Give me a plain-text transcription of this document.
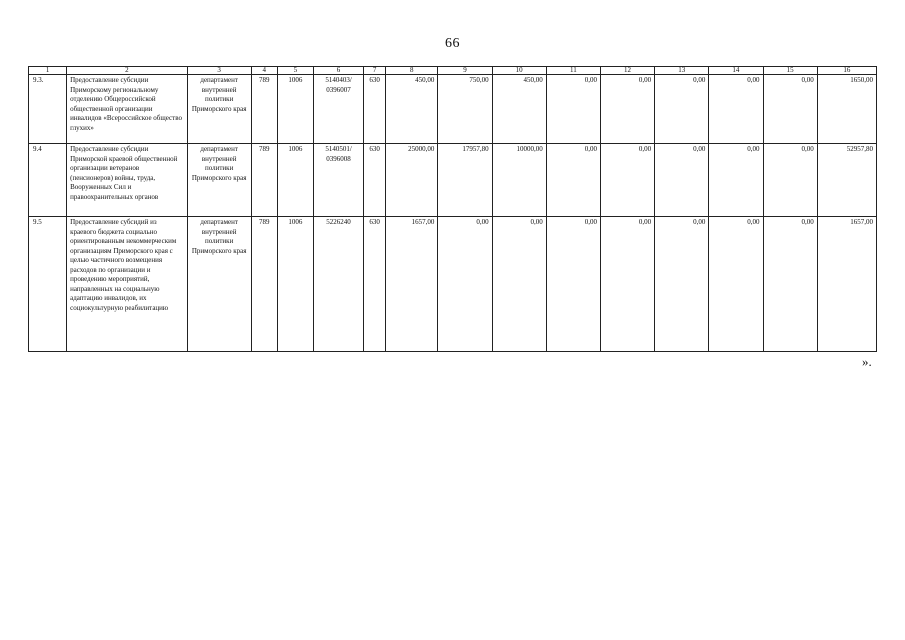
66
1	2	3	4	5	6	7	8	9	10	11	12	13	14	15	16
9.3.	Предоставление субсидии Приморскому региональному отделению Общероссийской общественной организации инвалидов «Всероссийское общество глухих»	департамент внутренней политики Приморского края	789	1006	5140403/ 0396007	630	450,00	750,00	450,00	0,00	0,00	0,00	0,00	0,00	1650,00
9.4	Предоставление субсидии Приморской краевой общественной организации ветеранов (пенсионеров) войны, труда, Вооруженных Сил и правоохранительных органов	департамент внутренней политики Приморского края	789	1006	5140501/ 0396008	630	25000,00	17957,80	10000,00	0,00	0,00	0,00	0,00	0,00	52957,80
9.5	Предоставление субсидий из краевого бюджета социально ориентированным некоммерческим организациям Приморского края с целью частичного возмещения расходов по организации и проведению мероприятий, направленных на социальную адаптацию инвалидов, их социокультурную реабилитацию	департамент внутренней политики Приморского края	789	1006	5226240	630	1657,00	0,00	0,00	0,00	0,00	0,00	0,00	0,00	1657,00
».
